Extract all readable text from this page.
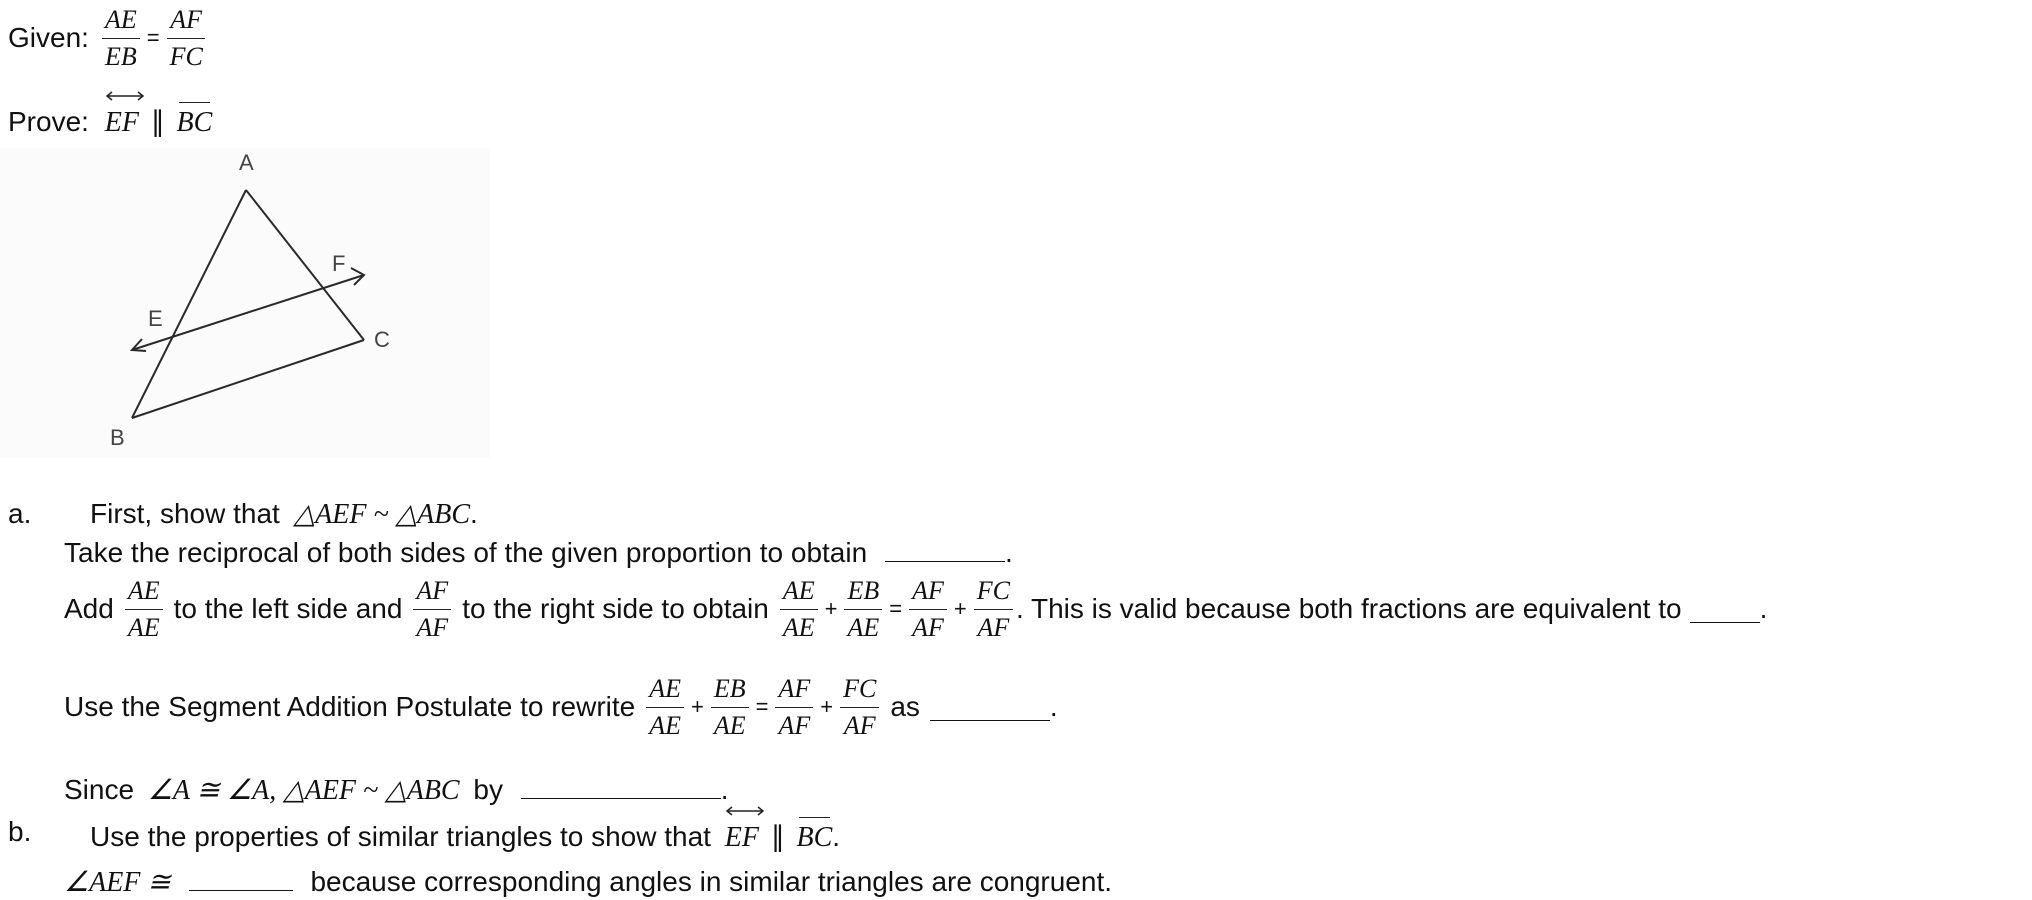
Given: $\frac{AE}{EB} = \frac{AF}{FC}$
Prove: EF ∥ BC
A
B
C
E
F
a. First, show that △AEF ~ △ABC.
Take the reciprocal of both sides of the given proportion to obtain	.
Add $\frac{AE}{AE}$ to the left side and $\frac{AF}{AF}$ to the right side to obtain $\frac{AE}{AE} + \frac{EB}{AE} = \frac{AF}{AF} + \frac{FC}{AF}$ . This is valid because both fractions are equivalent to	.
Use the Segment Addition Postulate to rewrite $\frac{AE}{AE} + \frac{EB}{AE} = \frac{AF}{AF} + \frac{FC}{AF}$ as	.
Since ∠A ≅ ∠A, △AEF ~ △ABC by	.
b. Use the properties of similar triangles to show that EF ∥ BC.
∠AEF ≅	because corresponding angles in similar triangles are congruent.
